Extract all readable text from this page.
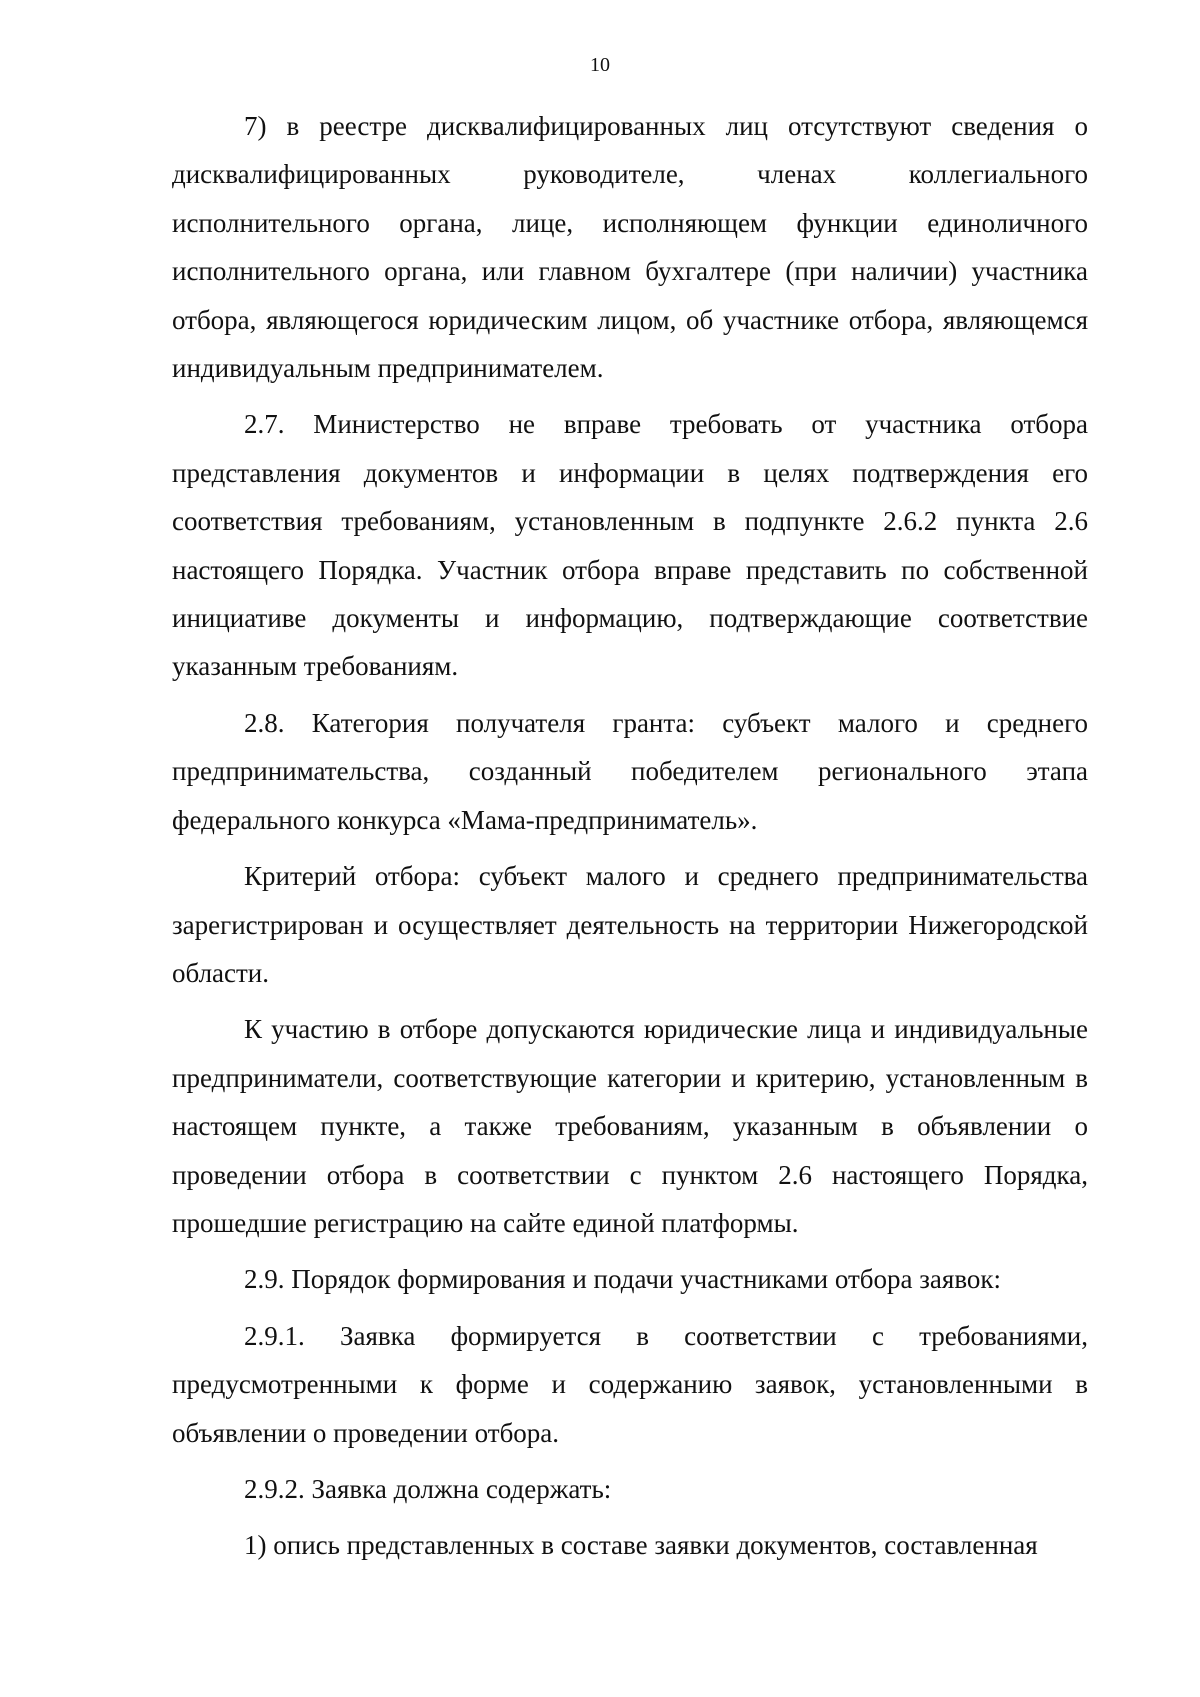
10

7) в реестре дисквалифицированных лиц отсутствуют сведения о дисквалифицированных руководителе, членах коллегиального исполнительного органа, лице, исполняющем функции единоличного исполнительного органа, или главном бухгалтере (при наличии) участника отбора, являющегося юридическим лицом, об участнике отбора, являющемся индивидуальным предпринимателем.

2.7. Министерство не вправе требовать от участника отбора представления документов и информации в целях подтверждения его соответствия требованиям, установленным в подпункте 2.6.2 пункта 2.6 настоящего Порядка. Участник отбора вправе представить по собственной инициативе документы и информацию, подтверждающие соответствие указанным требованиям.

2.8. Категория получателя гранта: субъект малого и среднего предпринимательства, созданный победителем регионального этапа федерального конкурса «Мама-предприниматель».

Критерий отбора: субъект малого и среднего предпринимательства зарегистрирован и осуществляет деятельность на территории Нижегородской области.

К участию в отборе допускаются юридические лица и индивидуальные предприниматели, соответствующие категории и критерию, установленным в настоящем пункте, а также требованиям, указанным в объявлении о проведении отбора в соответствии с пунктом 2.6 настоящего Порядка, прошедшие регистрацию на сайте единой платформы.

2.9. Порядок формирования и подачи участниками отбора заявок:

2.9.1. Заявка формируется в соответствии с требованиями, предусмотренными к форме и содержанию заявок, установленными в объявлении о проведении отбора.

2.9.2. Заявка должна содержать:

1) опись представленных в составе заявки документов, составленная
